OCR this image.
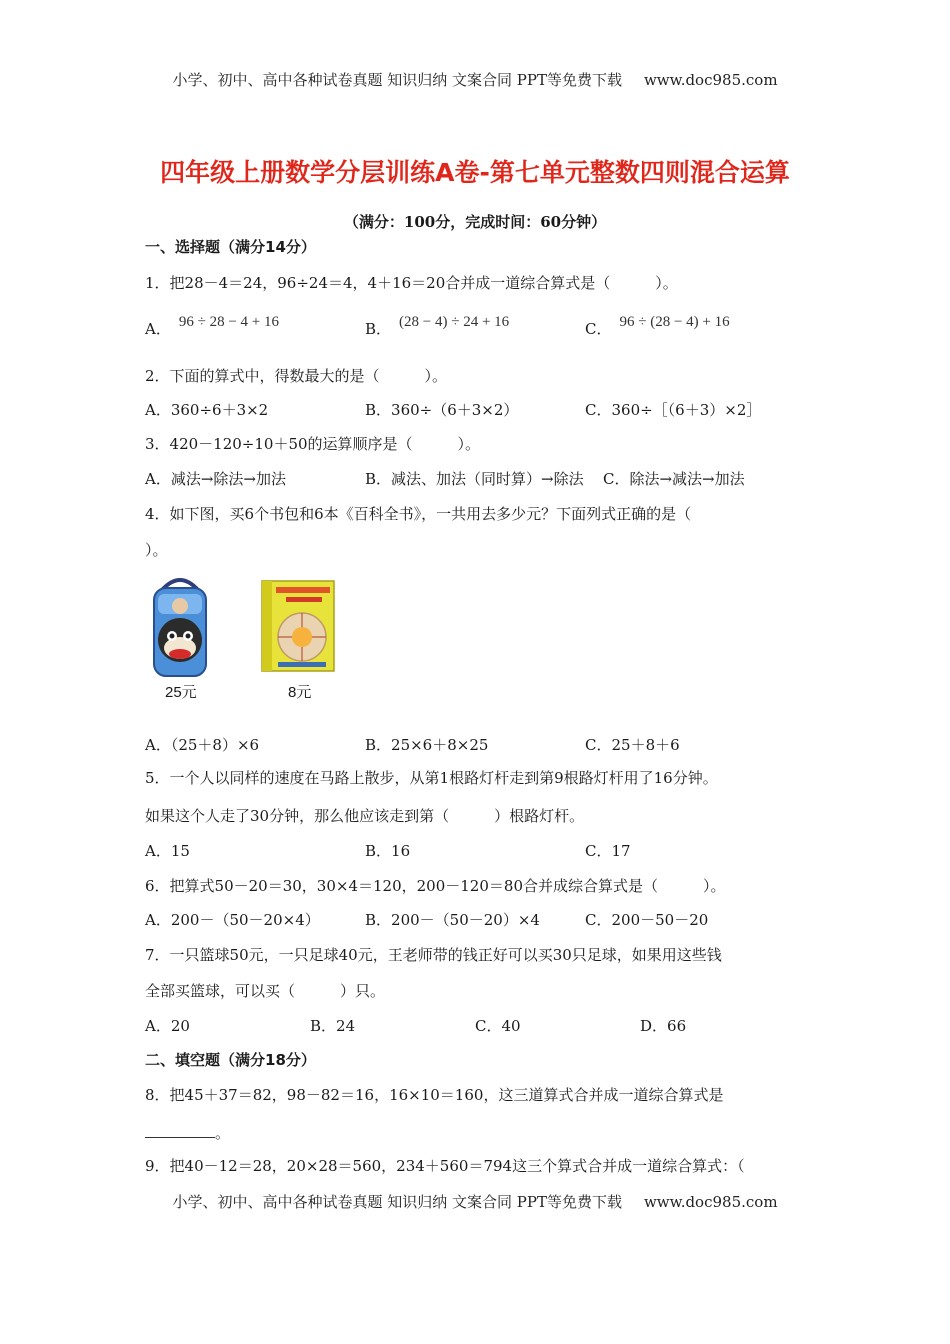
小学、初中、高中各种试卷真题 知识归纳 文案合同 PPT等免费下载 www.doc985.com
四年级上册数学分层训练A卷-第七单元整数四则混合运算
（满分：100分，完成时间：60分钟）
一、选择题（满分14分）
1．把28－4＝24，96÷24＝4，4＋16＝20合并成一道综合算式是（　　　）。
A． 96 ÷ 28 − 4 + 16	B． (28 − 4) ÷ 24 + 16	C． 96 ÷ (28 − 4) + 16
2．下面的算式中，得数最大的是（　　　）。
A．360÷6＋3×2	B．360÷（6＋3×2）	C．360÷［（6＋3）×2］
3．420－120÷10＋50的运算顺序是（　　　）。
A．减法→除法→加法	B．减法、加法（同时算）→除法 C．除法→减法→加法
4．如下图，买6个书包和6本《百科全书》，一共用去多少元？下面列式正确的是（
）。
25元	8元
A．（25＋8）×6	B．25×6＋8×25	C．25＋8＋6
5．一个人以同样的速度在马路上散步，从第1根路灯杆走到第9根路灯杆用了16分钟。
如果这个人走了30分钟，那么他应该走到第（　　　）根路灯杆。
A．15	B．16	C．17
6．把算式50－20＝30，30×4＝120，200－120＝80合并成综合算式是（　　　）。
A．200－（50－20×4）	B．200－（50－20）×4	C．200－50－20
7．一只篮球50元，一只足球40元，王老师带的钱正好可以买30只足球，如果用这些钱
全部买篮球，可以买（　　　）只。
A．20	B．24	C．40	D．66
二、填空题（满分18分）
8．把45＋37＝82，98－82＝16，16×10＝160，这三道算式合并成一道综合算式是
。
9．把40－12＝28，20×28＝560，234＋560＝794这三个算式合并成一道综合算式：（
小学、初中、高中各种试卷真题 知识归纳 文案合同 PPT等免费下载 www.doc985.com
